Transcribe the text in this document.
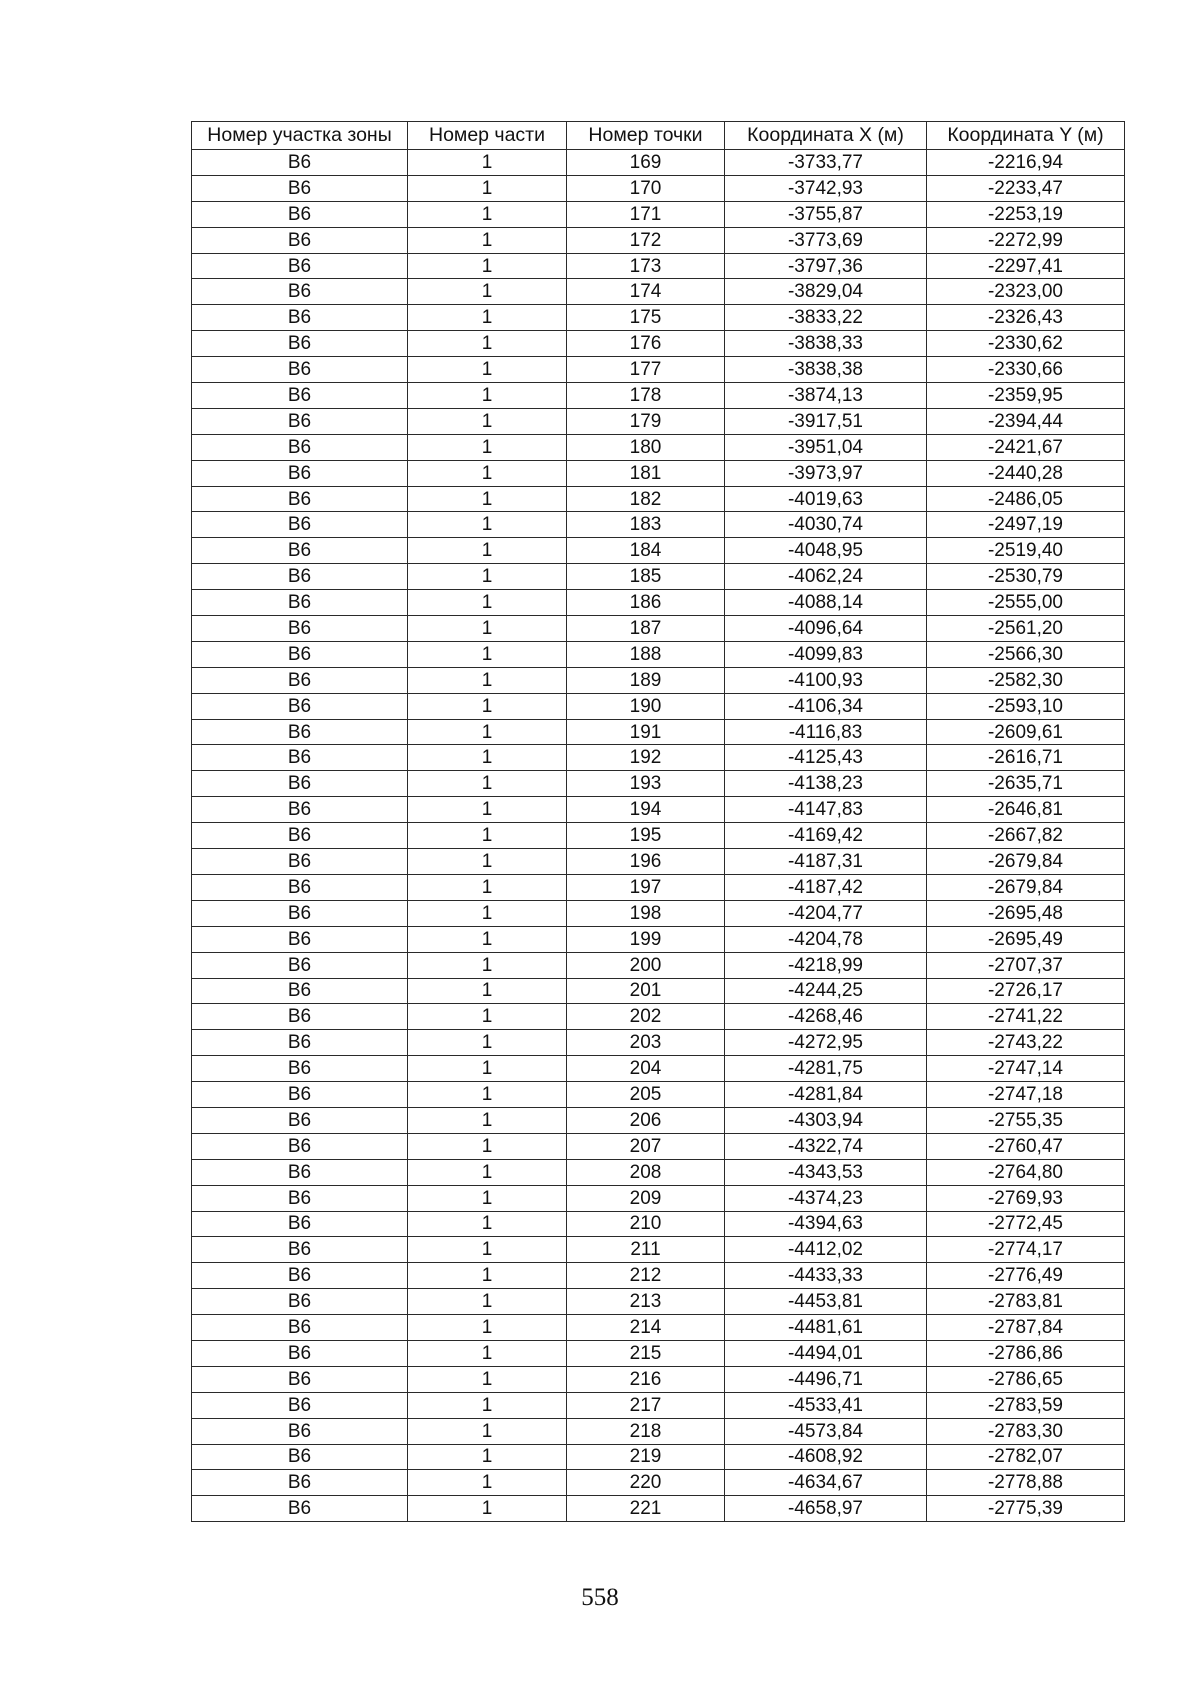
Номер участка зоны	Номер части	Номер точки	Координата X (м)	Координата Y (м)
В6	1	169	-3733,77	-2216,94
В6	1	170	-3742,93	-2233,47
В6	1	171	-3755,87	-2253,19
В6	1	172	-3773,69	-2272,99
В6	1	173	-3797,36	-2297,41
В6	1	174	-3829,04	-2323,00
В6	1	175	-3833,22	-2326,43
В6	1	176	-3838,33	-2330,62
В6	1	177	-3838,38	-2330,66
В6	1	178	-3874,13	-2359,95
В6	1	179	-3917,51	-2394,44
В6	1	180	-3951,04	-2421,67
В6	1	181	-3973,97	-2440,28
В6	1	182	-4019,63	-2486,05
В6	1	183	-4030,74	-2497,19
В6	1	184	-4048,95	-2519,40
В6	1	185	-4062,24	-2530,79
В6	1	186	-4088,14	-2555,00
В6	1	187	-4096,64	-2561,20
В6	1	188	-4099,83	-2566,30
В6	1	189	-4100,93	-2582,30
В6	1	190	-4106,34	-2593,10
В6	1	191	-4116,83	-2609,61
В6	1	192	-4125,43	-2616,71
В6	1	193	-4138,23	-2635,71
В6	1	194	-4147,83	-2646,81
В6	1	195	-4169,42	-2667,82
В6	1	196	-4187,31	-2679,84
В6	1	197	-4187,42	-2679,84
В6	1	198	-4204,77	-2695,48
В6	1	199	-4204,78	-2695,49
В6	1	200	-4218,99	-2707,37
В6	1	201	-4244,25	-2726,17
В6	1	202	-4268,46	-2741,22
В6	1	203	-4272,95	-2743,22
В6	1	204	-4281,75	-2747,14
В6	1	205	-4281,84	-2747,18
В6	1	206	-4303,94	-2755,35
В6	1	207	-4322,74	-2760,47
В6	1	208	-4343,53	-2764,80
В6	1	209	-4374,23	-2769,93
В6	1	210	-4394,63	-2772,45
В6	1	211	-4412,02	-2774,17
В6	1	212	-4433,33	-2776,49
В6	1	213	-4453,81	-2783,81
В6	1	214	-4481,61	-2787,84
В6	1	215	-4494,01	-2786,86
В6	1	216	-4496,71	-2786,65
В6	1	217	-4533,41	-2783,59
В6	1	218	-4573,84	-2783,30
В6	1	219	-4608,92	-2782,07
В6	1	220	-4634,67	-2778,88
В6	1	221	-4658,97	-2775,39
558
